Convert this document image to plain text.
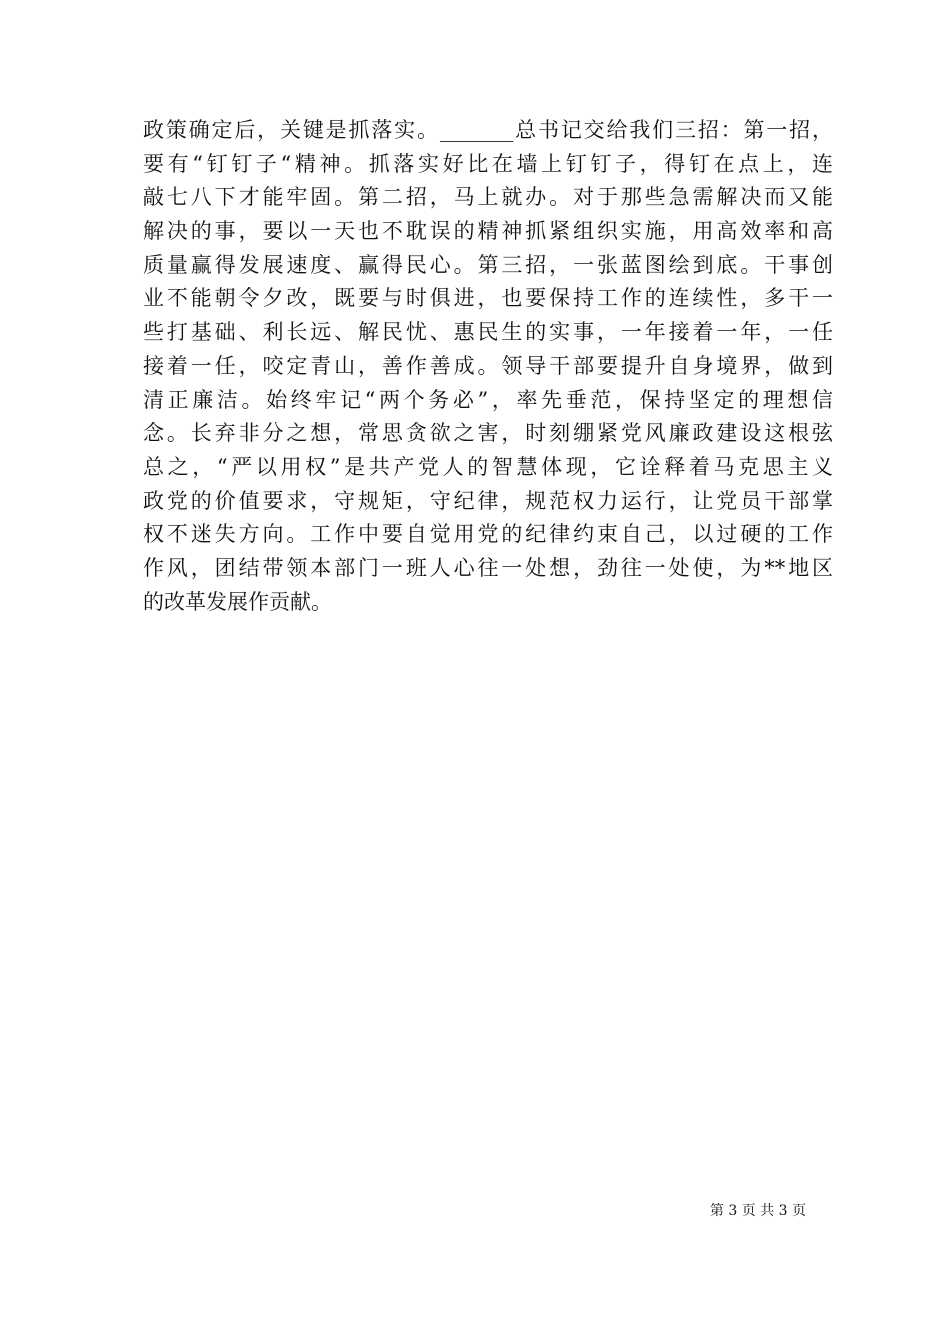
政策确定后，关键是抓落实。_______总书记交给我们三招：第一招，
要有“钉钉子“精神。抓落实好比在墙上钉钉子，得钉在点上，连
敲七八下才能牢固。第二招，马上就办。对于那些急需解决而又能
解决的事，要以一天也不耽误的精神抓紧组织实施，用高效率和高
质量赢得发展速度、赢得民心。第三招，一张蓝图绘到底。干事创
业不能朝令夕改，既要与时俱进，也要保持工作的连续性，多干一
些打基础、利长远、解民忧、惠民生的实事，一年接着一年，一任
接着一任，咬定青山，善作善成。领导干部要提升自身境界，做到
清正廉洁。始终牢记“两个务必”，率先垂范，保持坚定的理想信
念。长弃非分之想，常思贪欲之害，时刻绷紧党风廉政建设这根弦
总之，“严以用权”是共产党人的智慧体现，它诠释着马克思主义
政党的价值要求，守规矩，守纪律，规范权力运行，让党员干部掌
权不迷失方向。工作中要自觉用党的纪律约束自己，以过硬的工作
作风，团结带领本部门一班人心往一处想，劲往一处使，为**地区
的改革发展作贡献。
第 3 页 共 3 页
